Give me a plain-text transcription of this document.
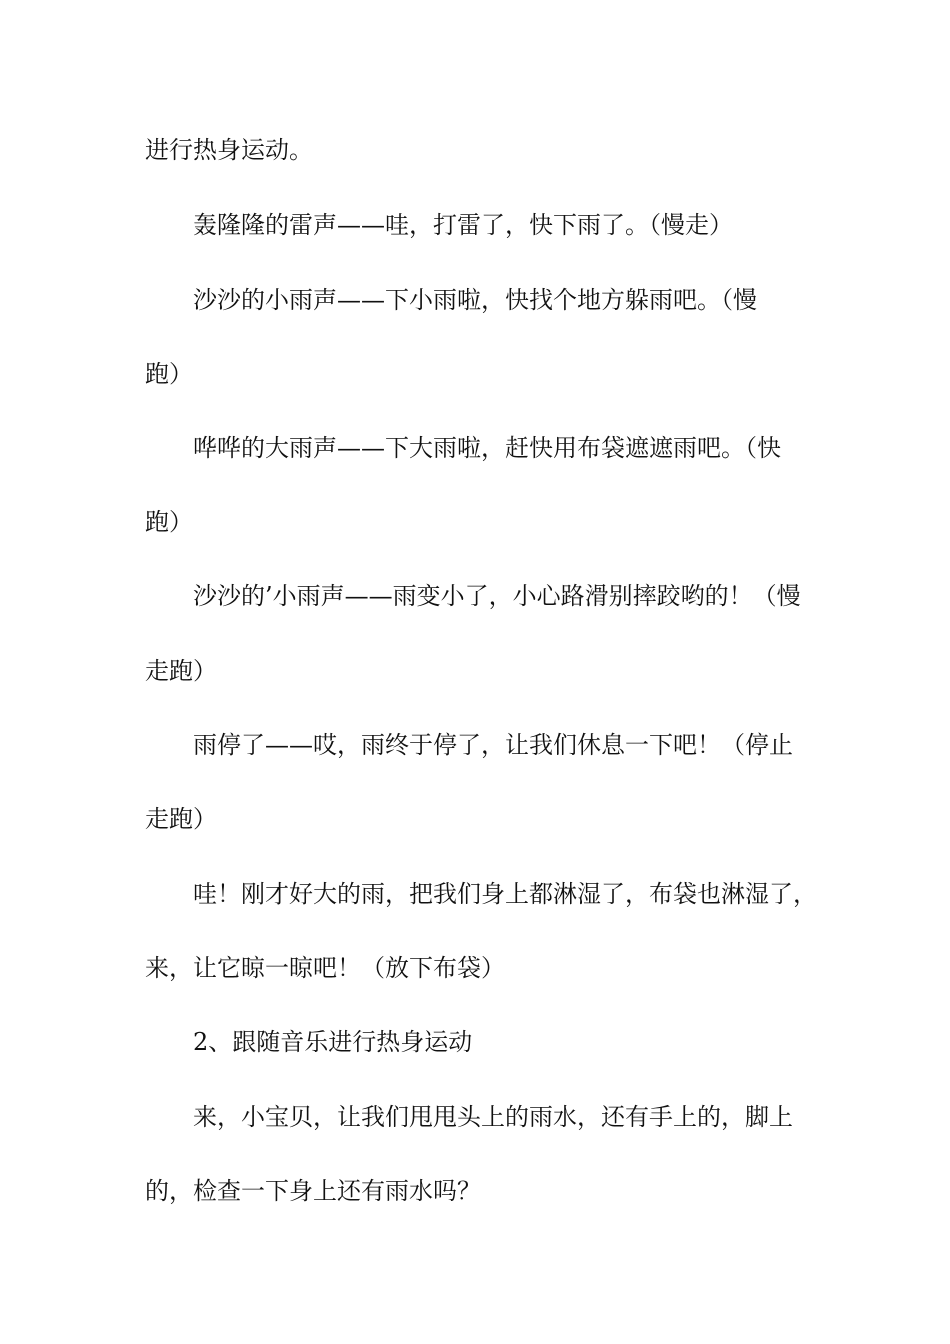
进行热身运动。
轰隆隆的雷声——哇，打雷了，快下雨了。（慢走）
沙沙的小雨声——下小雨啦，快找个地方躲雨吧。（慢
跑）
哗哗的大雨声——下大雨啦，赶快用布袋遮遮雨吧。（快
跑）
沙沙的’小雨声——雨变小了，小心路滑别摔跤哟的！（慢
走跑）
雨停了——哎，雨终于停了，让我们休息一下吧！（停止
走跑）
哇！刚才好大的雨，把我们身上都淋湿了，布袋也淋湿了，
来，让它晾一晾吧！（放下布袋）
2、跟随音乐进行热身运动
来，小宝贝，让我们甩甩头上的雨水，还有手上的，脚上
的，检查一下身上还有雨水吗？
